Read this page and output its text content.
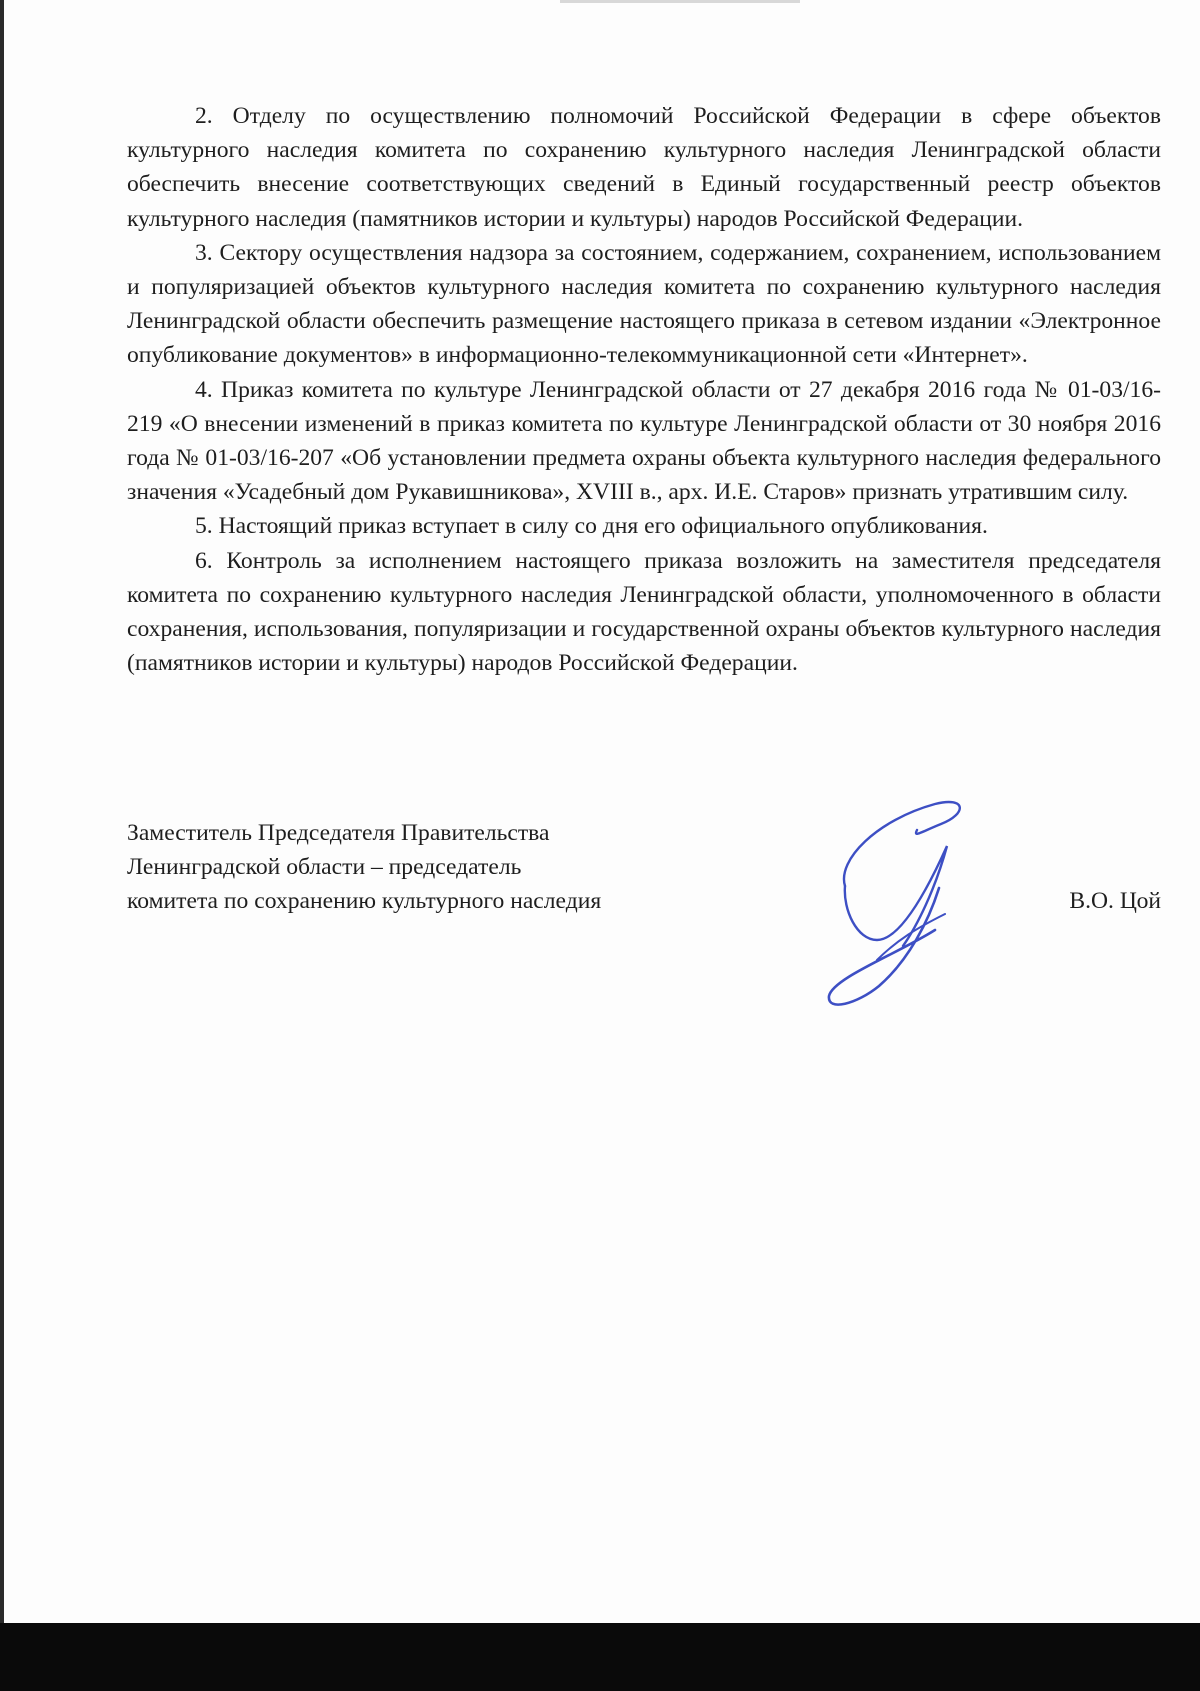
2. Отделу по осуществлению полномочий Российской Федерации в сфере объектов культурного наследия комитета по сохранению культурного наследия Ленинградской области обеспечить внесение соответствующих сведений в Единый государственный реестр объектов культурного наследия (памятников истории и культуры) народов Российской Федерации.

3. Сектору осуществления надзора за состоянием, содержанием, сохранением, использованием и популяризацией объектов культурного наследия комитета по сохранению культурного наследия Ленинградской области обеспечить размещение настоящего приказа в сетевом издании «Электронное опубликование документов» в информационно-телекоммуникационной сети «Интернет».

4. Приказ комитета по культуре Ленинградской области от 27 декабря 2016 года № 01-03/16-219 «О внесении изменений в приказ комитета по культуре Ленинградской области от 30 ноября 2016 года № 01-03/16-207 «Об установлении предмета охраны объекта культурного наследия федерального значения «Усадебный дом Рукавишникова», XVIII в., арх. И.Е. Старов» признать утратившим силу.

5. Настоящий приказ вступает в силу со дня его официального опубликования.

6. Контроль за исполнением настоящего приказа возложить на заместителя председателя комитета по сохранению культурного наследия Ленинградской области, уполномоченного в области сохранения, использования, популяризации и государственной охраны объектов культурного наследия (памятников истории и культуры) народов Российской Федерации.

Заместитель Председателя Правительства
Ленинградской области – председатель
комитета по сохранению культурного наследия	В.О. Цой
